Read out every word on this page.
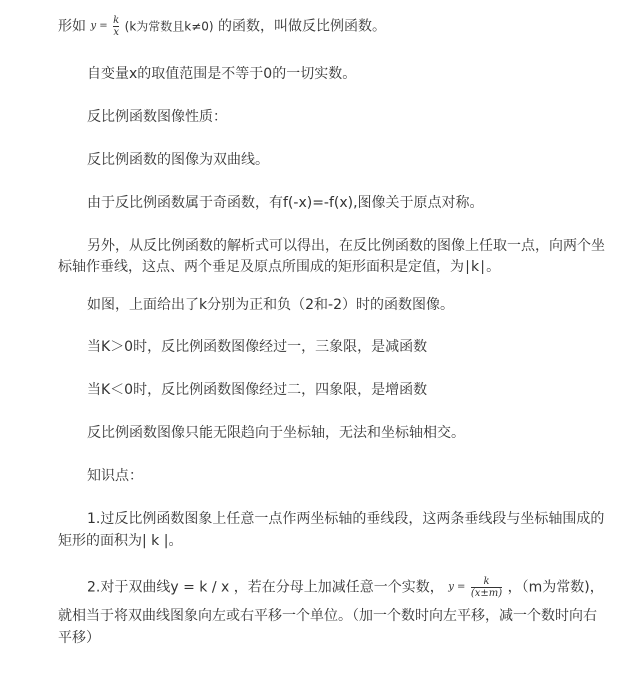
形如 $y = \frac{k}{x} (k$为常数且k≠0) 的函数，叫做反比例函数。
自变量x的取值范围是不等于0的一切实数。
反比例函数图像性质：
反比例函数的图像为双曲线。
由于反比例函数属于奇函数，有f(-x)=-f(x),图像关于原点对称。
另外，从反比例函数的解析式可以得出，在反比例函数的图像上任取一点，向两个坐
标轴作垂线，这点、两个垂足及原点所围成的矩形面积是定值，为∣k∣。
如图，上面给出了k分别为正和负（2和-2）时的函数图像。
当K＞0时，反比例函数图像经过一，三象限，是减函数
当K＜0时，反比例函数图像经过二，四象限，是增函数
反比例函数图像只能无限趋向于坐标轴，无法和坐标轴相交。
知识点：
1.过反比例函数图象上任意一点作两坐标轴的垂线段，这两条垂线段与坐标轴围成的
矩形的面积为| k |。
2.对于双曲线y = k / x ，若在分母上加减任意一个实数， $y = \frac{k}{(x\pm m)}$ ，（m为常数)，
就相当于将双曲线图象向左或右平移一个单位。（加一个数时向左平移，减一个数时向右
平移）
